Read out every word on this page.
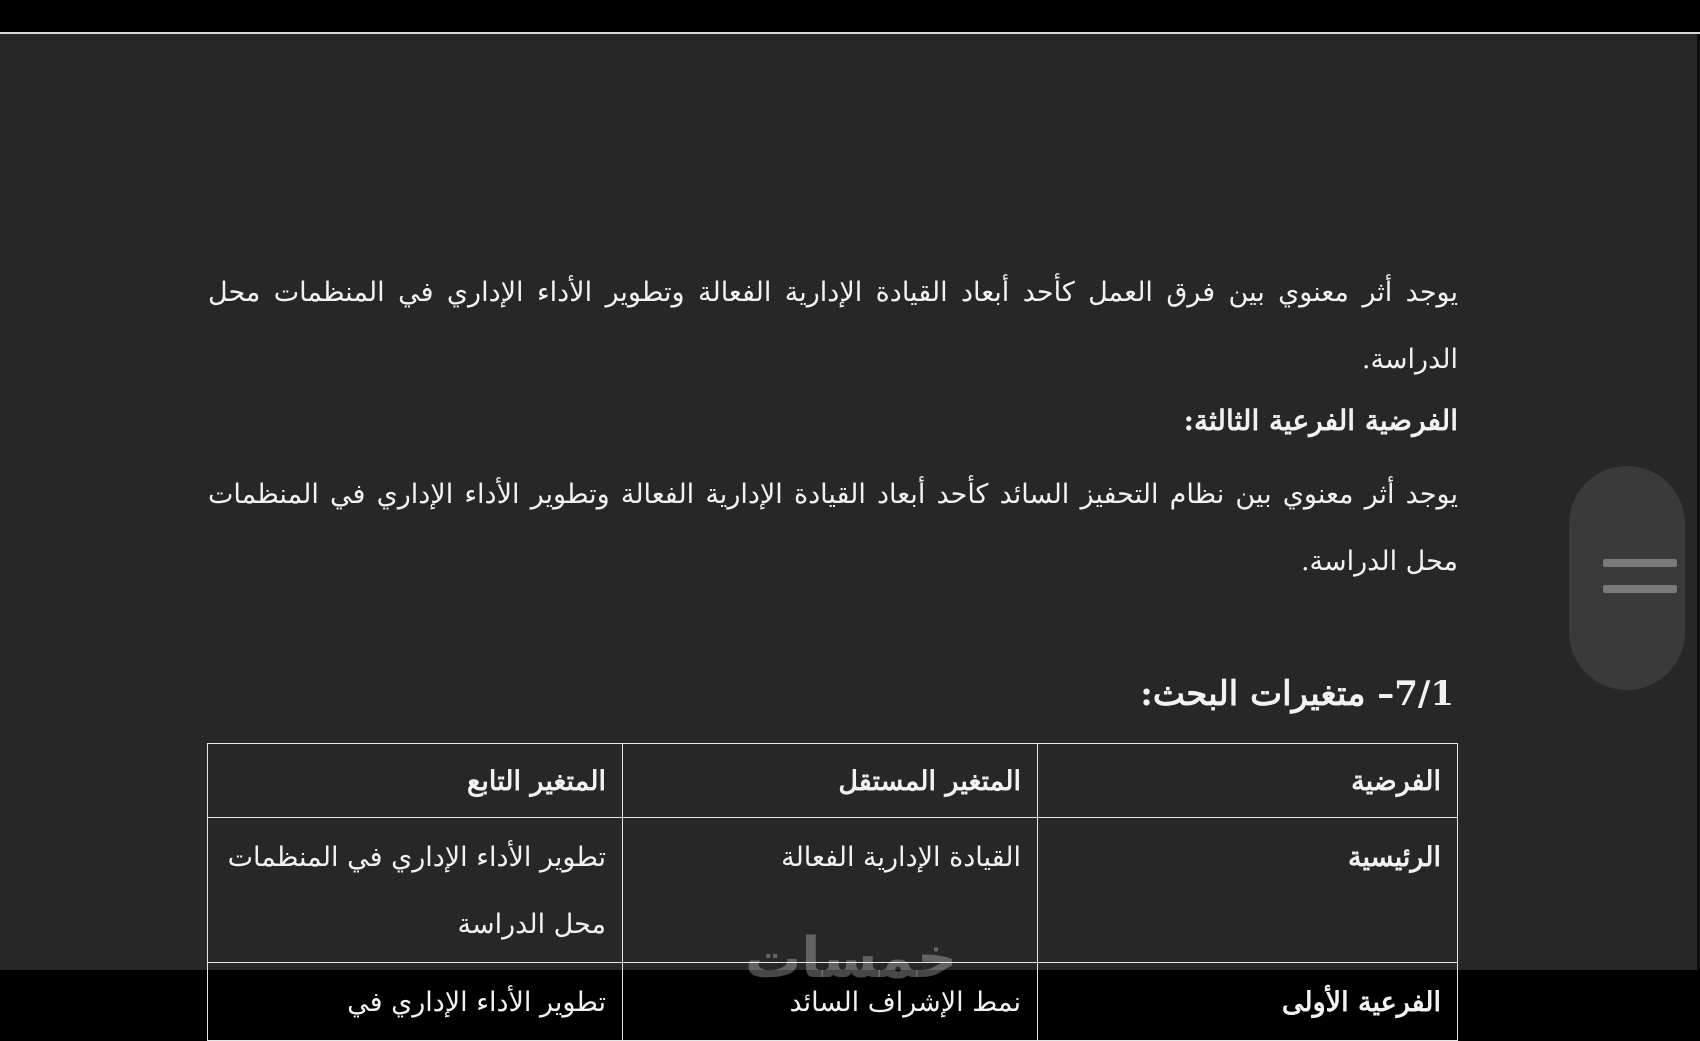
يوجد أثر معنوي بين فرق العمل كأحد أبعاد القيادة الإدارية الفعالة وتطوير الأداء الإداري في المنظمات محل الدراسة.

الفرضية الفرعية الثالثة:

يوجد أثر معنوي بين نظام التحفيز السائد كأحد أبعاد القيادة الإدارية الفعالة وتطوير الأداء الإداري في المنظمات محل الدراسة.

7/1– متغيرات البحث:

الفرضية	المتغير المستقل	المتغير التابع
الرئيسية	القيادة الإدارية الفعالة	تطوير الأداء الإداري في المنظمات محل الدراسة
الفرعية الأولى	نمط الإشراف السائد	تطوير الأداء الإداري في
خمسات
